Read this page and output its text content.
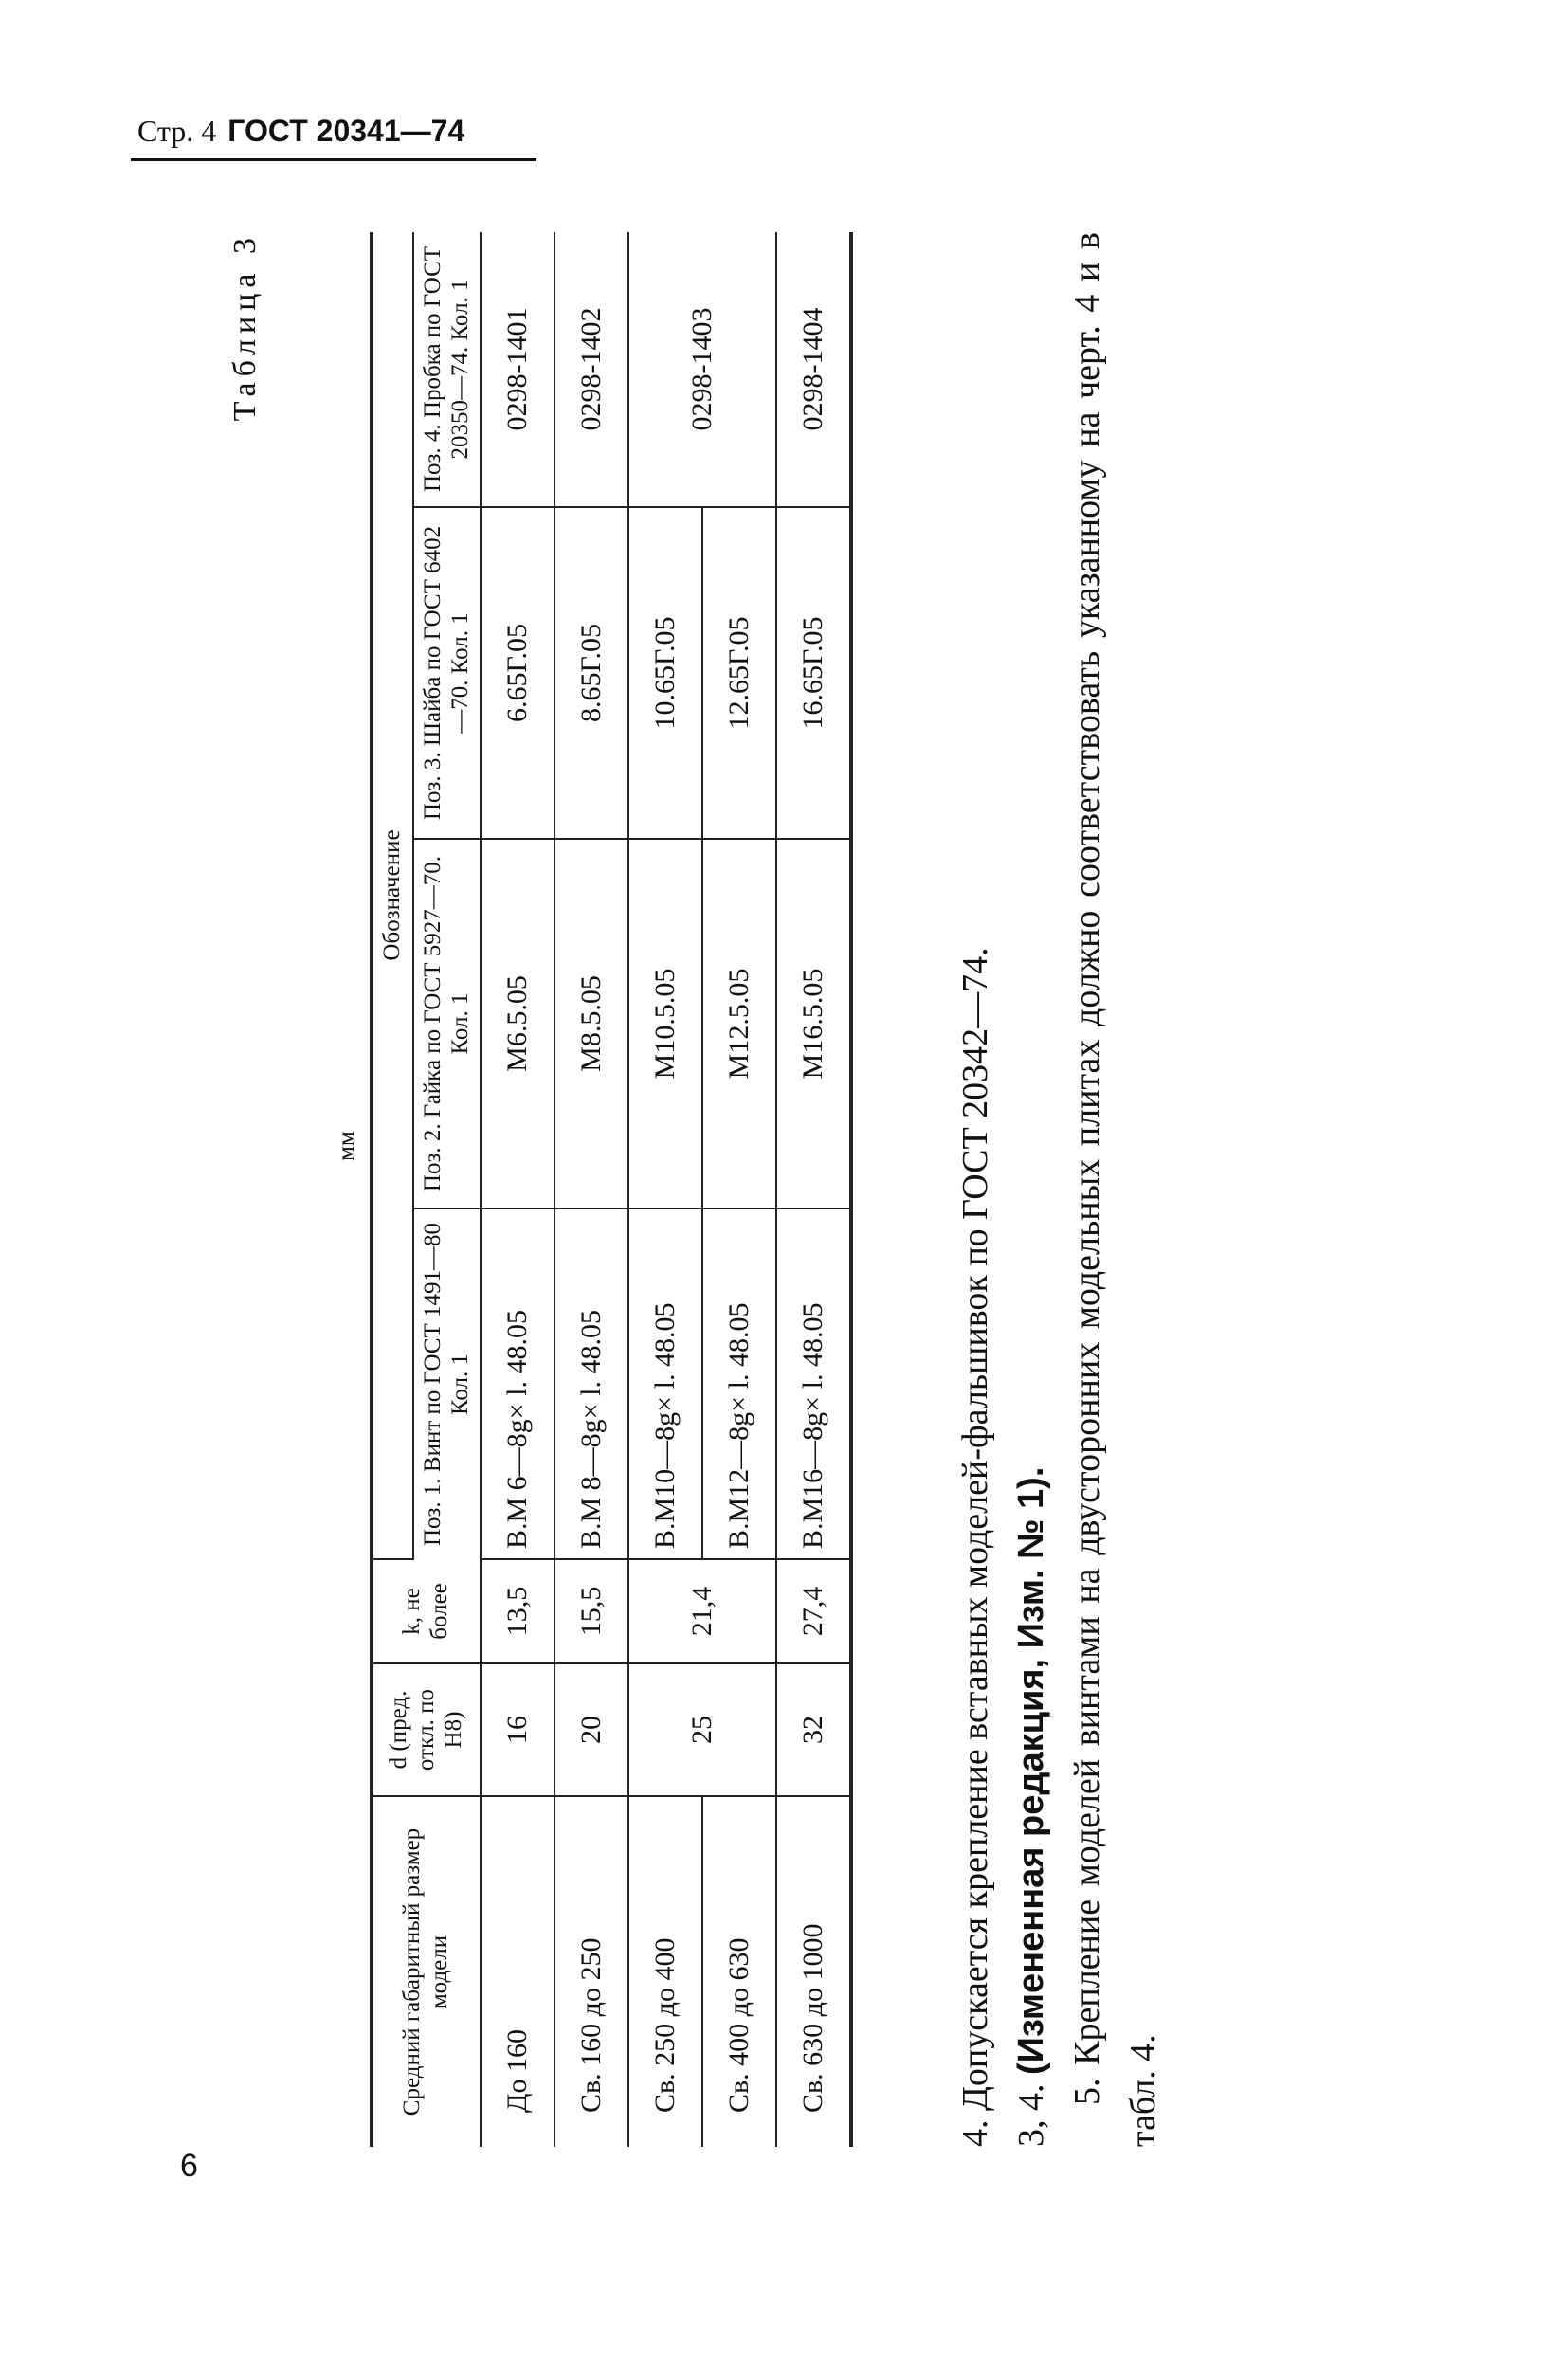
Стр. 4 ГОСТ 20341—74
6
Таблица 3
мм
Средний габаритный размер модели	d (пред. откл. по H8)	k, не более	Обозначение			
			Поз. 1. Винт по ГОСТ 1491—80 Кол. 1	Поз. 2. Гайка по ГОСТ 5927—70. Кол. 1	Поз. 3. Шайба по ГОСТ 6402—70. Кол. 1	Поз. 4. Пробка по ГОСТ 20350—74. Кол. 1
До 160	16	13,5	В.М 6—8g× l. 48.05	М6.5.05	6.65Г.05	0298-1401
Св. 160 до 250	20	15,5	В.М 8—8g× l. 48.05	М8.5.05	8.65Г.05	0298-1402
Св. 250 до 400	25	21,4	В.М10—8g× l. 48.05	М10.5.05	10.65Г.05	0298-1403
Св. 400 до 630			В.М12—8g× l. 48.05	М12.5.05	12.65Г.05	
Св. 630 до 1000	32	27,4	В.М16—8g× l. 48.05	М16.5.05	16.65Г.05	0298-1404

4. Допускается крепление вставных моделей-фальшивок по ГОСТ 20342—74. 3, 4. (Измененная редакция, Изм. № 1). 5. Крепление моделей винтами на двусторонних модельных плитах должно соответствовать указанному на черт. 4 и в табл. 4.
